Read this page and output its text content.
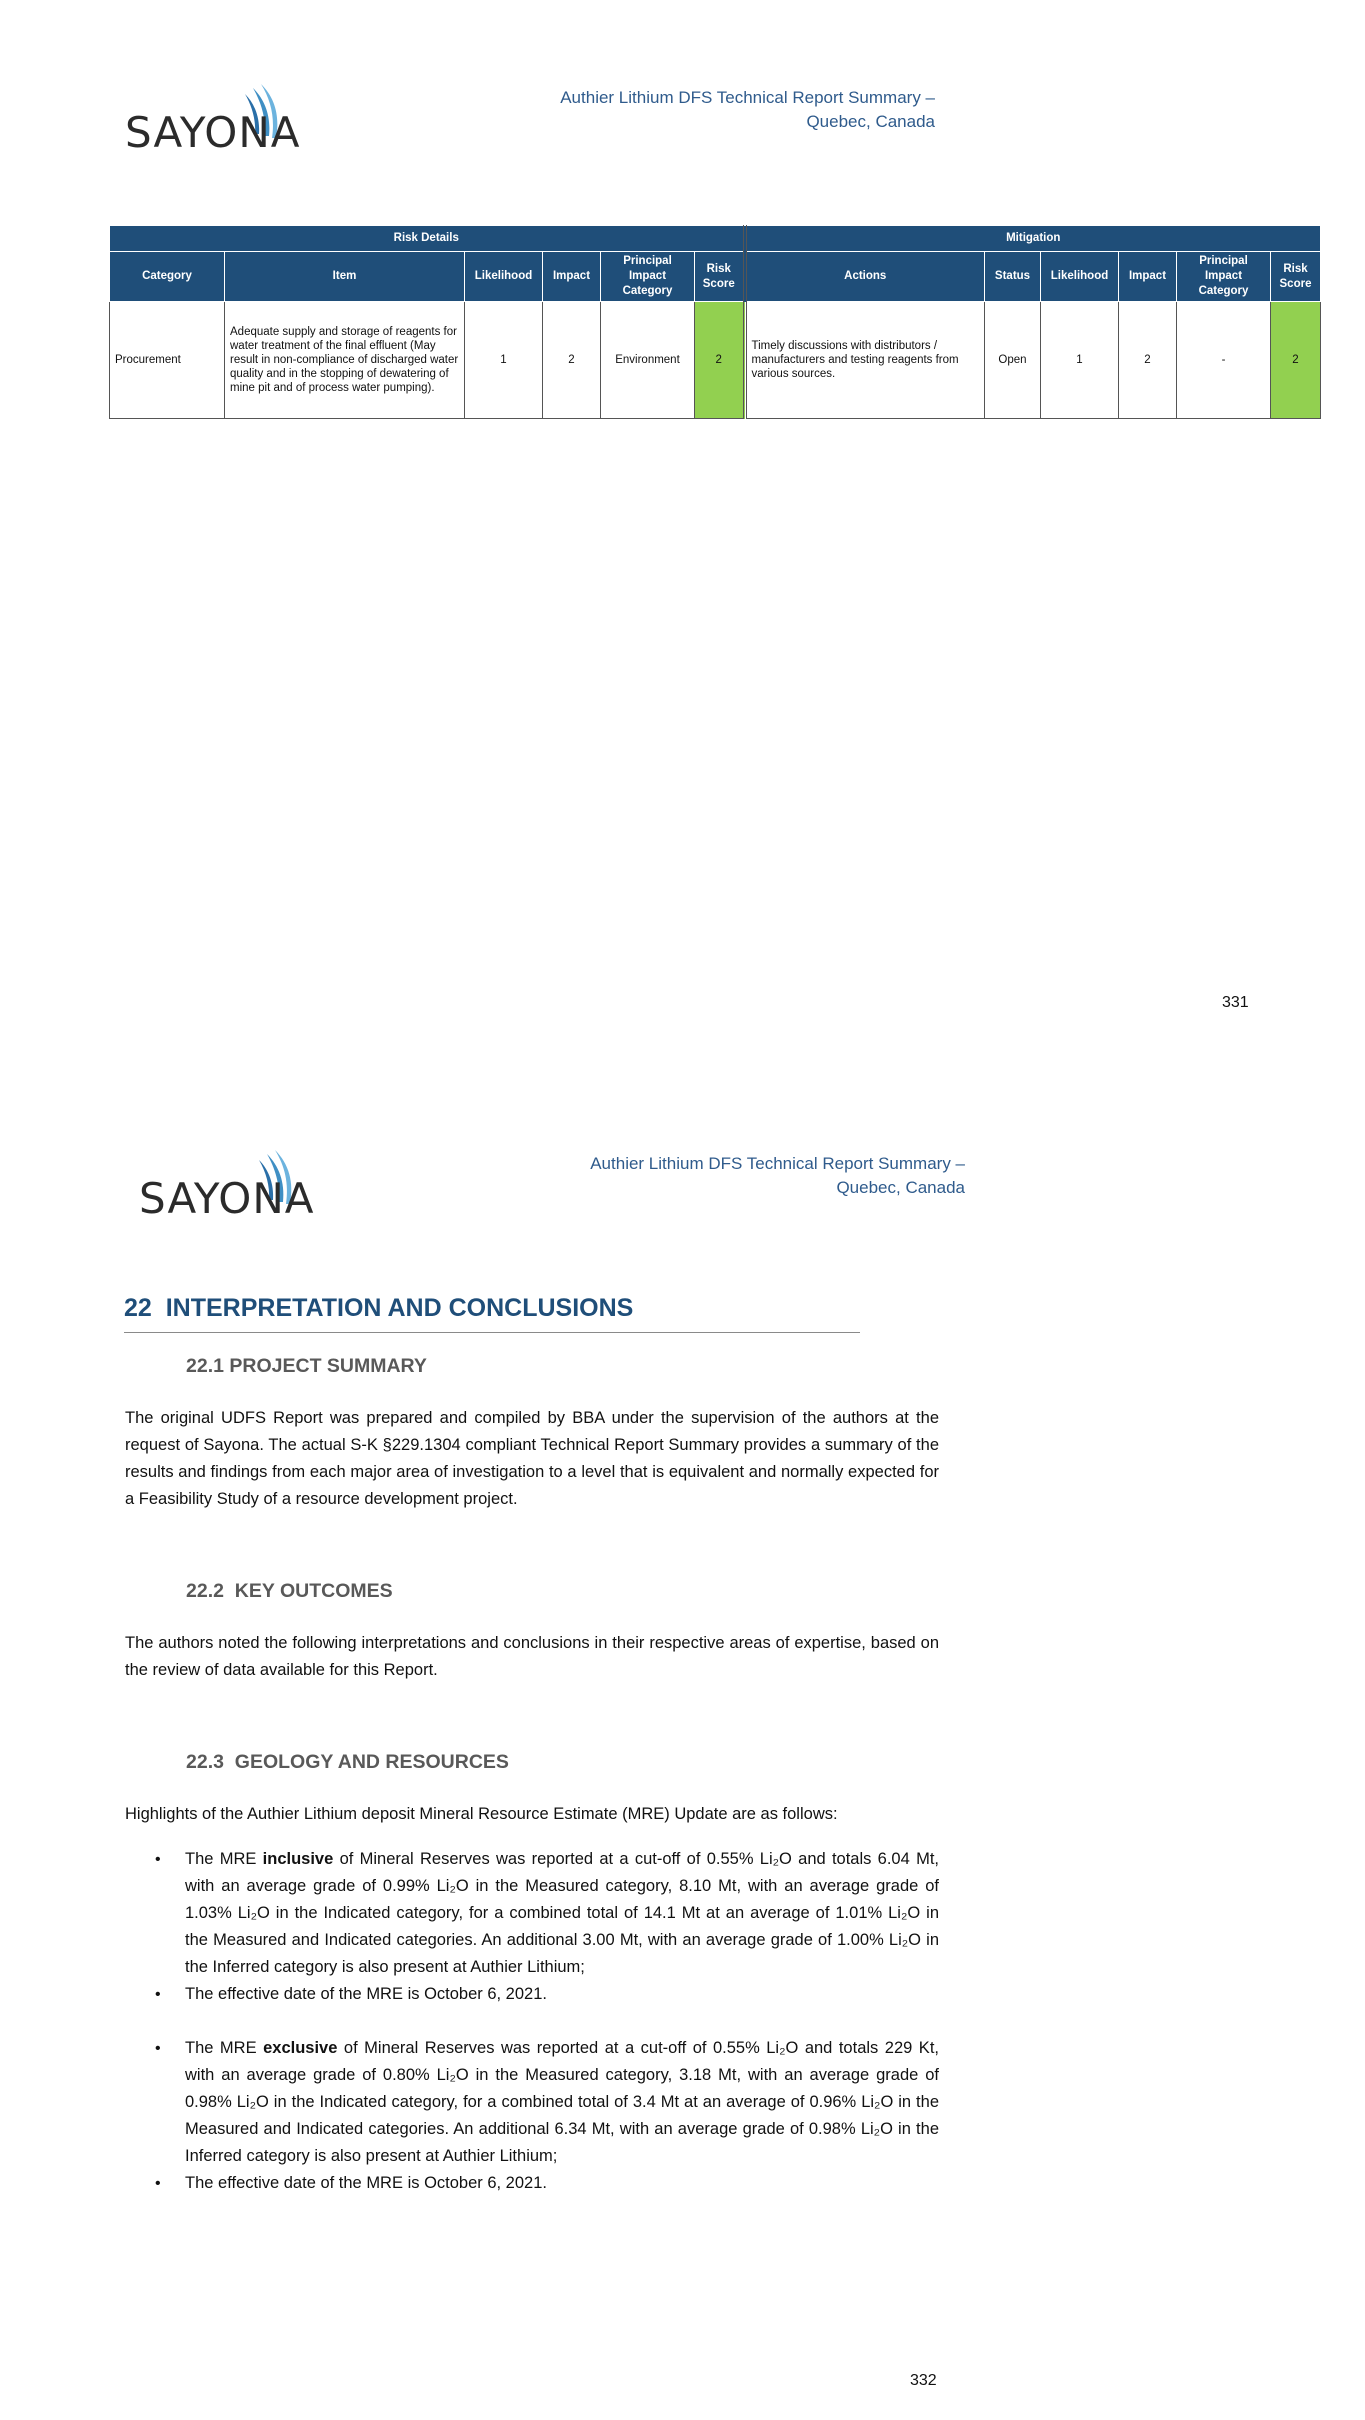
SAYONA
Authier Lithium DFS Technical Report Summary –
Quebec, Canada
Risk Details						Mitigation					
Category	Item	Likelihood	Impact	Principal Impact Category	Risk Score	Actions	Status	Likelihood	Impact	Principal Impact Category	Risk Score
Procurement	Adequate supply and storage of reagents for water treatment of the final effluent (May result in non-compliance of discharged water quality and in the stopping of dewatering of mine pit and of process water pumping).	1	2	Environment	2	Timely discussions with distributors / manufacturers and testing reagents from various sources.	Open	1	2	-	2
331
SAYONA
Authier Lithium DFS Technical Report Summary –
Quebec, Canada
22 INTERPRETATION AND CONCLUSIONS
22.1 PROJECT SUMMARY
The original UDFS Report was prepared and compiled by BBA under the supervision of the authors at the request of Sayona. The actual S-K §229.1304 compliant Technical Report Summary provides a summary of the results and findings from each major area of investigation to a level that is equivalent and normally expected for a Feasibility Study of a resource development project.
22.2 KEY OUTCOMES
The authors noted the following interpretations and conclusions in their respective areas of expertise, based on the review of data available for this Report.
22.3 GEOLOGY AND RESOURCES
Highlights of the Authier Lithium deposit Mineral Resource Estimate (MRE) Update are as follows:
• The MRE inclusive of Mineral Reserves was reported at a cut-off of 0.55% Li₂O and totals 6.04 Mt, with an average grade of 0.99% Li₂O in the Measured category, 8.10 Mt, with an average grade of 1.03% Li₂O in the Indicated category, for a combined total of 14.1 Mt at an average of 1.01% Li₂O in the Measured and Indicated categories. An additional 3.00 Mt, with an average grade of 1.00% Li₂O in the Inferred category is also present at Authier Lithium;
• The effective date of the MRE is October 6, 2021.
• The MRE exclusive of Mineral Reserves was reported at a cut-off of 0.55% Li₂O and totals 229 Kt, with an average grade of 0.80% Li₂O in the Measured category, 3.18 Mt, with an average grade of 0.98% Li₂O in the Indicated category, for a combined total of 3.4 Mt at an average of 0.96% Li₂O in the Measured and Indicated categories. An additional 6.34 Mt, with an average grade of 0.98% Li₂O in the Inferred category is also present at Authier Lithium;
• The effective date of the MRE is October 6, 2021.
332
